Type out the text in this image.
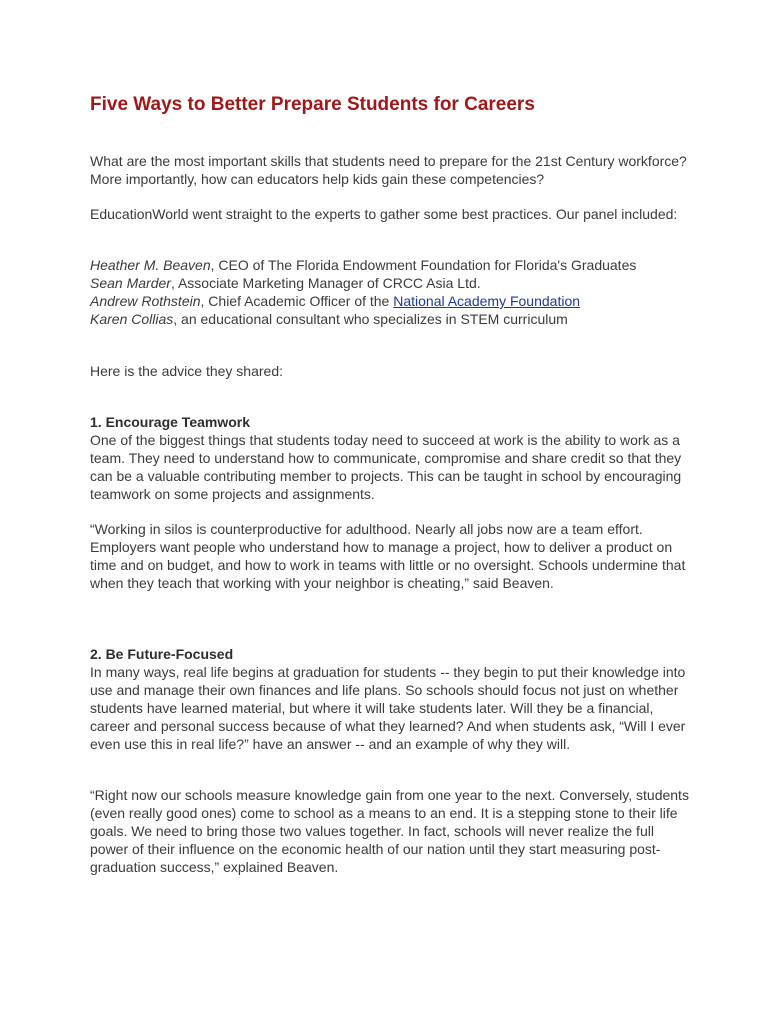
Five Ways to Better Prepare Students for Careers

What are the most important skills that students need to prepare for the 21st Century workforce? More importantly, how can educators help kids gain these competencies?

EducationWorld went straight to the experts to gather some best practices. Our panel included:

Heather M. Beaven, CEO of The Florida Endowment Foundation for Florida's Graduates
Sean Marder, Associate Marketing Manager of CRCC Asia Ltd.
Andrew Rothstein, Chief Academic Officer of the National Academy Foundation
Karen Collias, an educational consultant who specializes in STEM curriculum

Here is the advice they shared:

1. Encourage Teamwork
One of the biggest things that students today need to succeed at work is the ability to work as a team. They need to understand how to communicate, compromise and share credit so that they can be a valuable contributing member to projects. This can be taught in school by encouraging teamwork on some projects and assignments.

“Working in silos is counterproductive for adulthood. Nearly all jobs now are a team effort. Employers want people who understand how to manage a project, how to deliver a product on time and on budget, and how to work in teams with little or no oversight. Schools undermine that when they teach that working with your neighbor is cheating,” said Beaven.

2. Be Future-Focused
In many ways, real life begins at graduation for students -- they begin to put their knowledge into use and manage their own finances and life plans. So schools should focus not just on whether students have learned material, but where it will take students later. Will they be a financial, career and personal success because of what they learned? And when students ask, “Will I ever even use this in real life?” have an answer -- and an example of why they will.

“Right now our schools measure knowledge gain from one year to the next. Conversely, students (even really good ones) come to school as a means to an end. It is a stepping stone to their life goals. We need to bring those two values together. In fact, schools will never realize the full power of their influence on the economic health of our nation until they start measuring post-graduation success,” explained Beaven.
